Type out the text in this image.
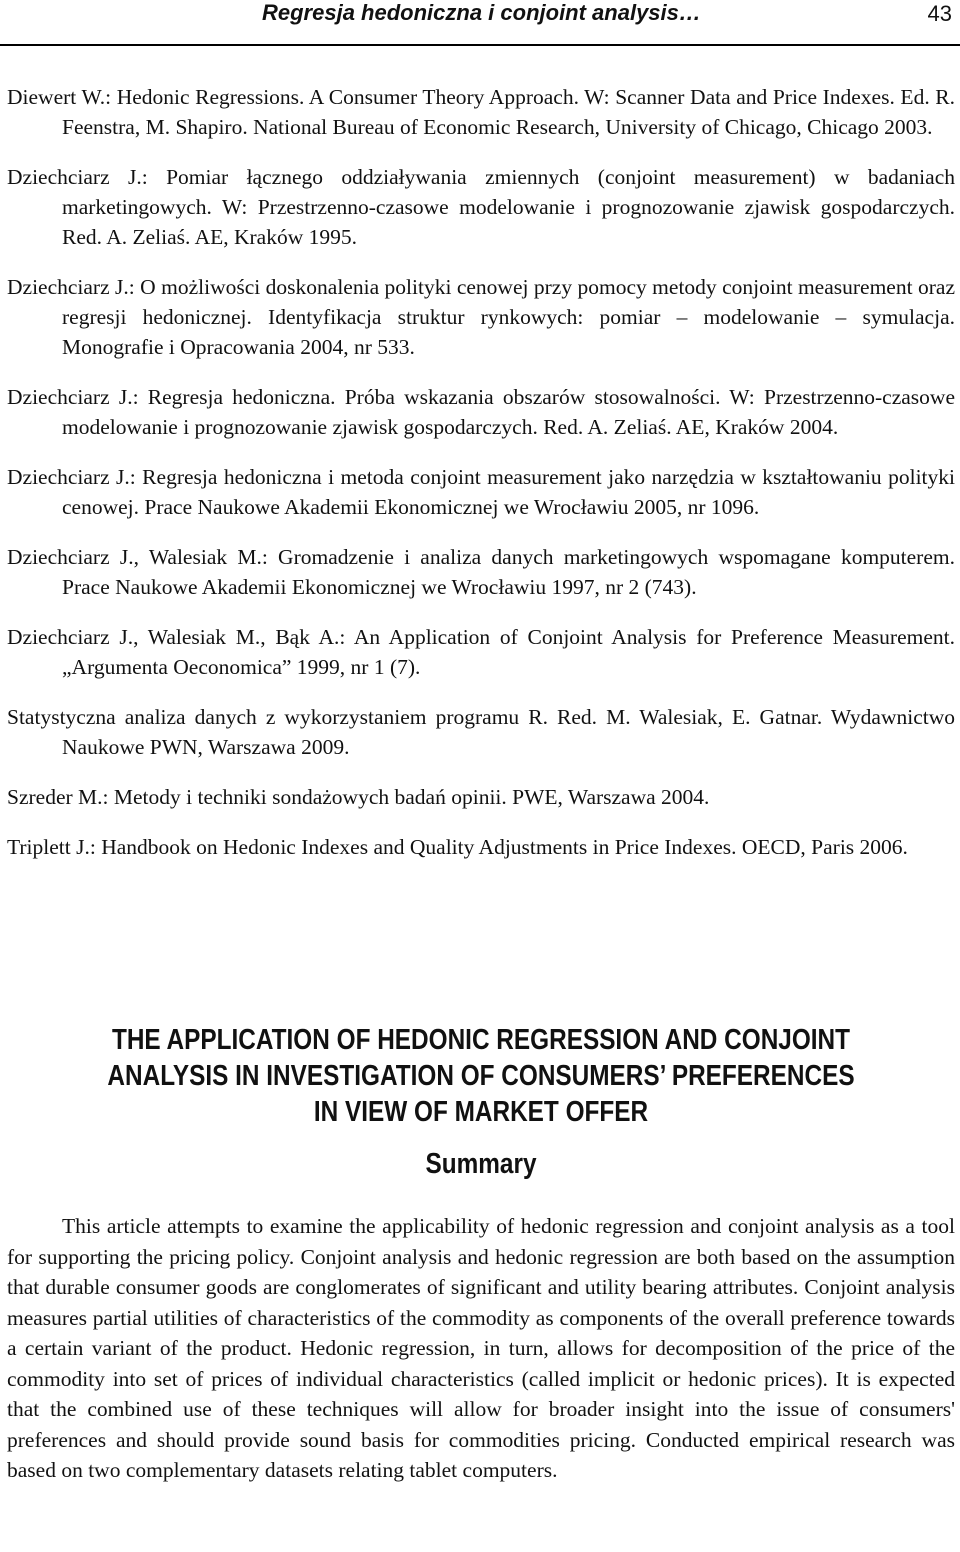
Regresja hedoniczna i conjoint analysis…	43

Diewert W.: Hedonic Regressions. A Consumer Theory Approach. W: Scanner Data and Price Indexes. Ed. R. Feenstra, M. Shapiro. National Bureau of Economic Research, University of Chicago, Chicago 2003.

Dziechciarz J.: Pomiar łącznego oddziaływania zmiennych (conjoint measurement) w badaniach marketingowych. W: Przestrzenno-czasowe modelowanie i prognozowanie zjawisk gospodarczych. Red. A. Zeliaś. AE, Kraków 1995.

Dziechciarz J.: O możliwości doskonalenia polityki cenowej przy pomocy metody conjoint measurement oraz regresji hedonicznej. Identyfikacja struktur rynkowych: pomiar – modelowanie – symulacja. Monografie i Opracowania 2004, nr 533.

Dziechciarz J.: Regresja hedoniczna. Próba wskazania obszarów stosowalności. W: Przestrzenno-czasowe modelowanie i prognozowanie zjawisk gospodarczych. Red. A. Zeliaś. AE, Kraków 2004.

Dziechciarz J.: Regresja hedoniczna i metoda conjoint measurement jako narzędzia w kształtowaniu polityki cenowej. Prace Naukowe Akademii Ekonomicznej we Wrocławiu 2005, nr 1096.

Dziechciarz J., Walesiak M.: Gromadzenie i analiza danych marketingowych wspomagane komputerem. Prace Naukowe Akademii Ekonomicznej we Wrocławiu 1997, nr 2 (743).

Dziechciarz J., Walesiak M., Bąk A.: An Application of Conjoint Analysis for Preference Measurement. „Argumenta Oeconomica” 1999, nr 1 (7).

Statystyczna analiza danych z wykorzystaniem programu R. Red. M. Walesiak, E. Gatnar. Wydawnictwo Naukowe PWN, Warszawa 2009.

Szreder M.: Metody i techniki sondażowych badań opinii. PWE, Warszawa 2004.

Triplett J.: Handbook on Hedonic Indexes and Quality Adjustments in Price Indexes. OECD, Paris 2006.

THE APPLICATION OF HEDONIC REGRESSION AND CONJOINT
ANALYSIS IN INVESTIGATION OF CONSUMERS’ PREFERENCES
IN VIEW OF MARKET OFFER
Summary

This article attempts to examine the applicability of hedonic regression and conjoint analysis as a tool for supporting the pricing policy. Conjoint analysis and hedonic regression are both based on the assumption that durable consumer goods are conglomerates of significant and utility bearing attributes. Conjoint analysis measures partial utilities of characteristics of the commodity as components of the overall preference towards a certain variant of the product. Hedonic regression, in turn, allows for decomposition of the price of the commodity into set of prices of individual characteristics (called implicit or hedonic prices). It is expected that the combined use of these techniques will allow for broader insight into the issue of consumers' preferences and should provide sound basis for commodities pricing. Conducted empirical research was based on two complementary datasets relating tablet computers.
